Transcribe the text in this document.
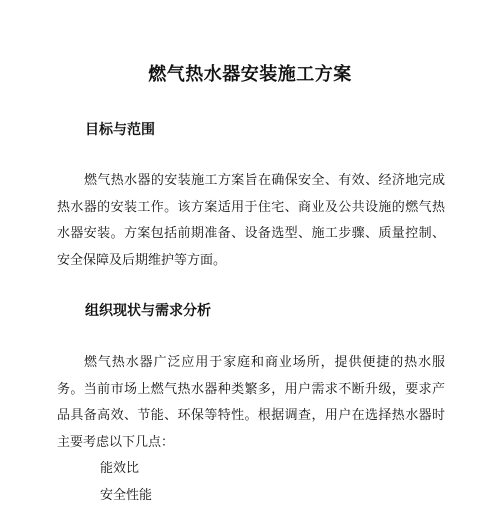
燃气热水器安装施工方案
目标与范围

燃气热水器的安装施工方案旨在确保安全、有效、经济地完成热水器的安装工作。该方案适用于住宅、商业及公共设施的燃气热水器安装。方案包括前期准备、设备选型、施工步骤、质量控制、安全保障及后期维护等方面。

组织现状与需求分析

燃气热水器广泛应用于家庭和商业场所，提供便捷的热水服务。当前市场上燃气热水器种类繁多，用户需求不断升级，要求产品具备高效、节能、环保等特性。根据调查，用户在选择热水器时主要考虑以下几点：

能效比
安全性能
